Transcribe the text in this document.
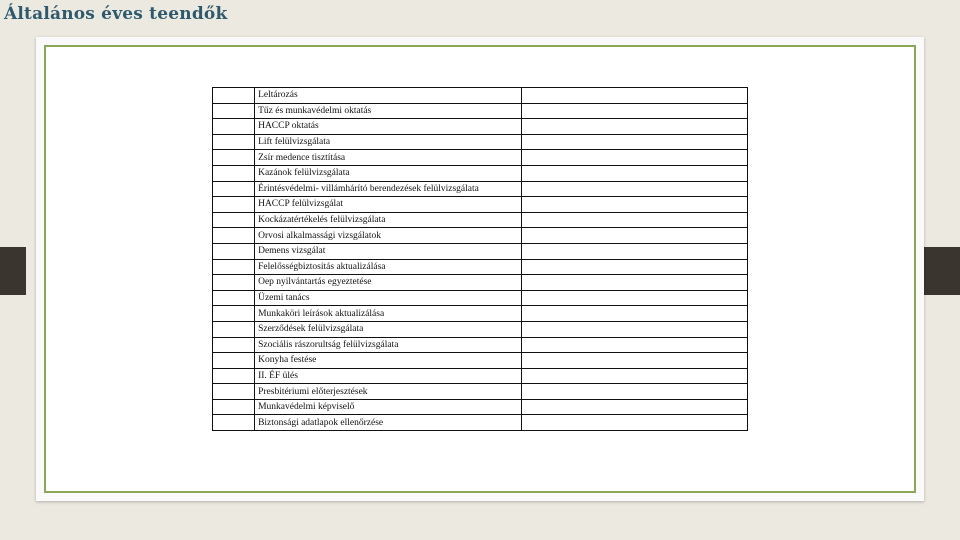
Általános éves teendők
	Leltározás	
	Tűz és munkavédelmi oktatás	
	HACCP oktatás	
	Lift felülvizsgálata	
	Zsír medence tisztítása	
	Kazánok felülvizsgálata	
	Érintésvédelmi- villámhárító berendezések felülvizsgálata	
	HACCP felülvizsgálat	
	Kockázatértékelés felülvizsgálata	
	Orvosi alkalmassági vizsgálatok	
	Demens vizsgálat	
	Felelősségbiztosítás aktualizálása	
	Oep nyilvántartás egyeztetése	
	Üzemi tanács	
	Munkaköri leírások aktualizálása	
	Szerződések felülvizsgálata	
	Szociális rászorultság felülvizsgálata	
	Konyha festése	
	II. ÉF ülés	
	Presbitériumi előterjesztések	
	Munkavédelmi képviselő	
	Biztonsági adatlapok ellenőrzése	
